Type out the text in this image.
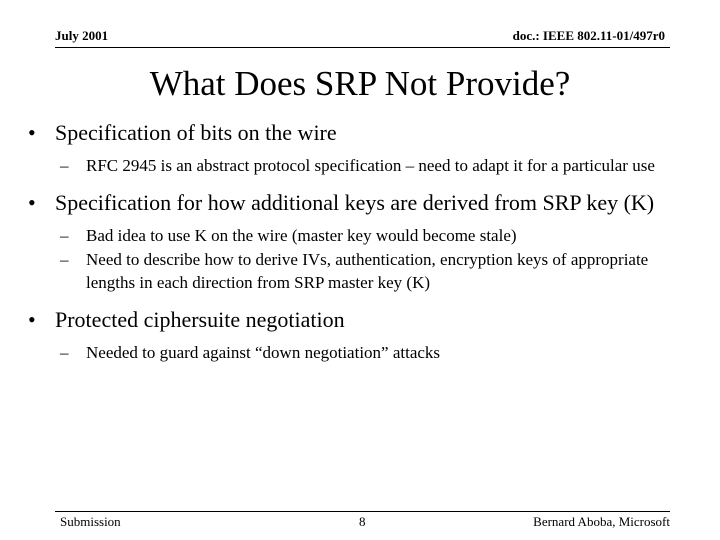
July 2001	doc.: IEEE 802.11-01/497r0
What Does SRP Not Provide?
• Specification of bits on the wire
–	RFC 2945 is an abstract protocol specification – need to adapt it for a particular use
• Specification for how additional keys are derived from SRP key (K)
–	Bad idea to use K on the wire (master key would become stale)
–	Need to describe how to derive IVs, authentication, encryption keys of appropriate lengths in each direction from SRP master key (K)
• Protected ciphersuite negotiation
–	Needed to guard against “down negotiation” attacks
Submission	8	Bernard Aboba, Microsoft
